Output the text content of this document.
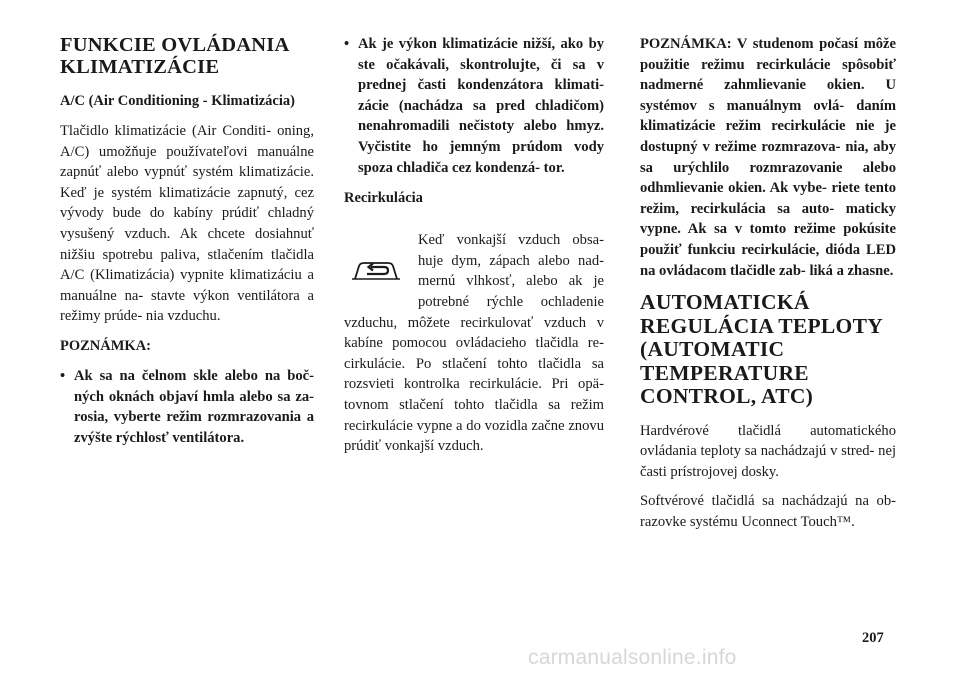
FUNKCIE OVLÁDANIA KLIMATIZÁCIE
A/C (Air Conditioning - Klimatizácia)
Tlačidlo klimatizácie (Air Conditi- oning, A/C) umožňuje používateľovi manuálne zapnúť alebo vypnúť systém klimatizácie. Keď je systém klimatizácie zapnutý, cez vývody bude do kabíny prúdiť chladný vysušený vzduch. Ak chcete dosiahnuť nižšiu spotrebu paliva, stlačením tlačidla A/C (Klimatizácia) vypnite klimatizáciu a manuálne na- stavte výkon ventilátora a režimy prúde- nia vzduchu.
POZNÁMKA:
• Ak sa na čelnom skle alebo na boč- ných oknách objaví hmla alebo sa za- rosia, vyberte režim rozmrazovania a zvýšte rýchlosť ventilátora.
• Ak je výkon klimatizácie nižší, ako by ste očakávali, skontrolujte, či sa v prednej časti kondenzátora klimati- zácie (nachádza sa pred chladičom) nenahromadili nečistoty alebo hmyz. Vyčistite ho jemným prúdom vody spoza chladiča cez kondenzá- tor.
Recirkulácia
Keď vonkajší vzduch obsa- huje dym, zápach alebo nad- mernú vlhkosť, alebo ak je potrebné rýchle ochladenie vzduchu, môžete recirkulovať vzduch v kabíne pomocou ovládacieho tlačidla re- cirkulácie. Po stlačení tohto tlačidla sa rozsvieti kontrolka recirkulácie. Pri opä- tovnom stlačení tohto tlačidla sa režim recirkulácie vypne a do vozidla začne znovu prúdiť vonkajší vzduch.
POZNÁMKA: V studenom počasí môže použitie režimu recirkulácie spôsobiť nadmerné zahmlievanie okien. U systémov s manuálnym ovlá- daním klimatizácie režim recirkulácie nie je dostupný v režime rozmrazova- nia, aby sa urýchlilo rozmrazovanie alebo odhmlievanie okien. Ak vybe- riete tento režim, recirkulácia sa auto- maticky vypne. Ak sa v tomto režime pokúsite použiť funkciu recirkulácie, dióda LED na ovládacom tlačidle zab- liká a zhasne.
AUTOMATICKÁ REGULÁCIA TEPLOTY (AUTOMATIC TEMPERATURE CONTROL, ATC)
Hardvérové tlačidlá automatického ovládania teploty sa nachádzajú v stred- nej časti prístrojovej dosky.
Softvérové tlačidlá sa nachádzajú na ob- razovke systému Uconnect Touch™.
207
carmanualsonline.info
